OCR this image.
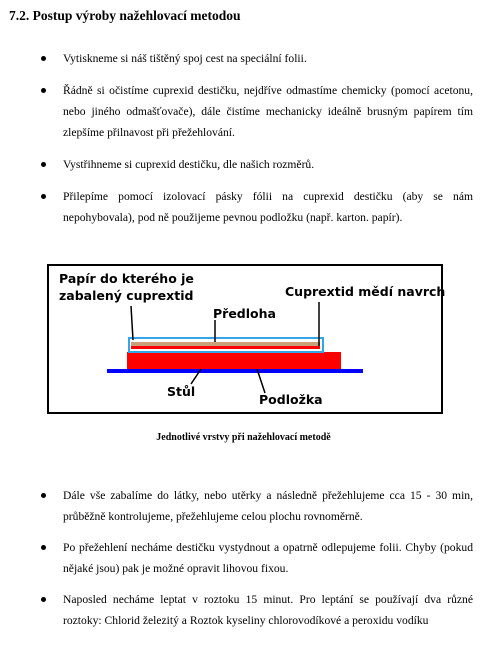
7.2. Postup výroby nažehlovací metodou
Vytiskneme si náš tištěný spoj cest na speciální folii.
Řádně si očistíme cuprexid destičku, nejdříve odmastíme chemicky (pomocí acetonu, nebo jiného odmašťovače), dále čistíme mechanicky ideálně brusným papírem tím zlepšíme přilnavost při přežehlování.
Vystřihneme si cuprexid destičku, dle našich rozměrů.
Přilepíme pomocí izolovací pásky fólii na cuprexid destičku (aby se nám nepohybovala), pod ně použijeme pevnou podložku (např. karton. papír).
Papír do kterého je
zabalený cuprextid	Cuprextid mědí navrch
Předloha
Stůl
Podložka
Jednotlivé vrstvy při nažehlovací metodě
Dále vše zabalíme do látky, nebo utěrky a následně přežehlujeme cca 15 - 30 min, průběžně kontrolujeme, přežehlujeme celou plochu rovnoměrně.
Po přežehlení necháme destičku vystydnout a opatrně odlepujeme folii. Chyby (pokud nějaké jsou) pak je možné opravit lihovou fixou.
Naposled necháme leptat v roztoku 15 minut. Pro leptání se používají dva různé roztoky: Chlorid železitý a Roztok kyseliny chlorovodíkové a peroxidu vodíku
